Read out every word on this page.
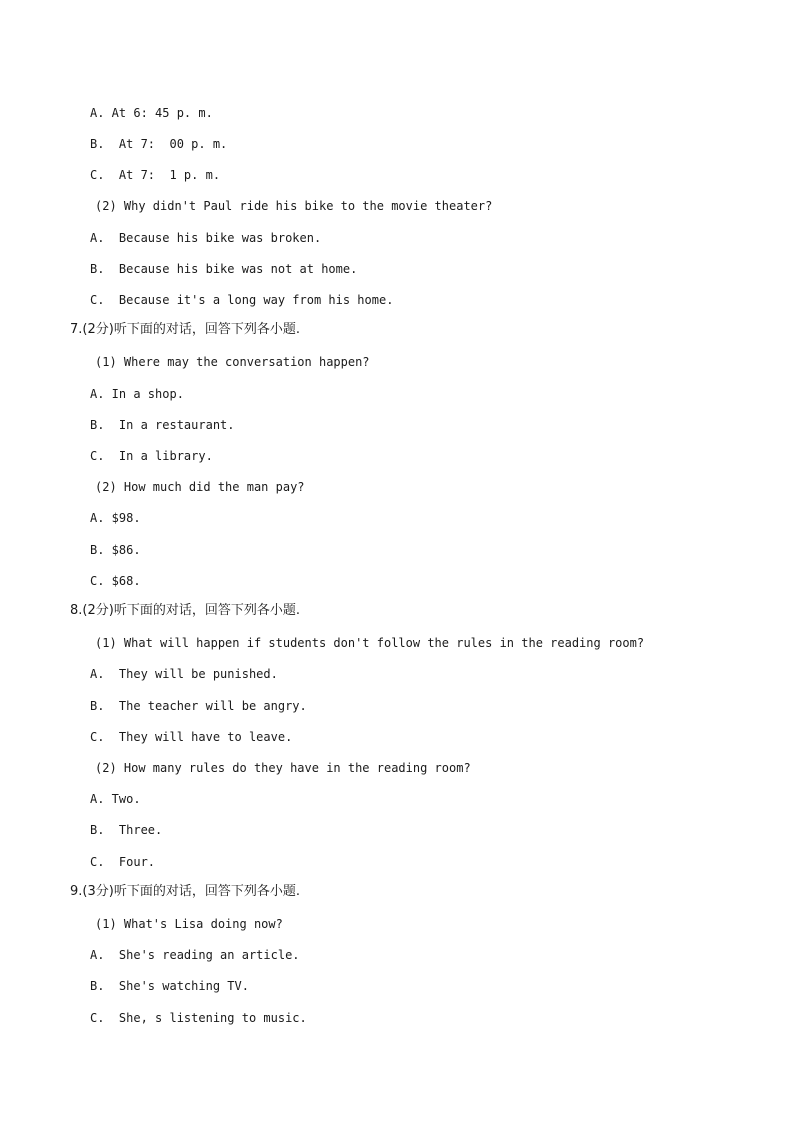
A. At 6: 45 p. m.
B.  At 7:  00 p. m.
C.  At 7:  1 p. m.
(2) Why didn't Paul ride his bike to the movie theater?
A.  Because his bike was broken.
B.  Because his bike was not at home.
C.  Because it's a long way from his home.
7.(2分)听下面的对话，回答下列各小题.
(1) Where may the conversation happen?
A. In a shop.
B.  In a restaurant.
C.  In a library.
(2) How much did the man pay?
A. $98.
B. $86.
C. $68.
8.(2分)听下面的对话，回答下列各小题.
(1) What will happen if students don't follow the rules in the reading room?
A.  They will be punished.
B.  The teacher will be angry.
C.  They will have to leave.
(2) How many rules do they have in the reading room?
A. Two.
B.  Three.
C.  Four.
9.(3分)听下面的对话，回答下列各小题.
(1) What's Lisa doing now?
A.  She's reading an article.
B.  She's watching TV.
C.  She, s listening to music.
